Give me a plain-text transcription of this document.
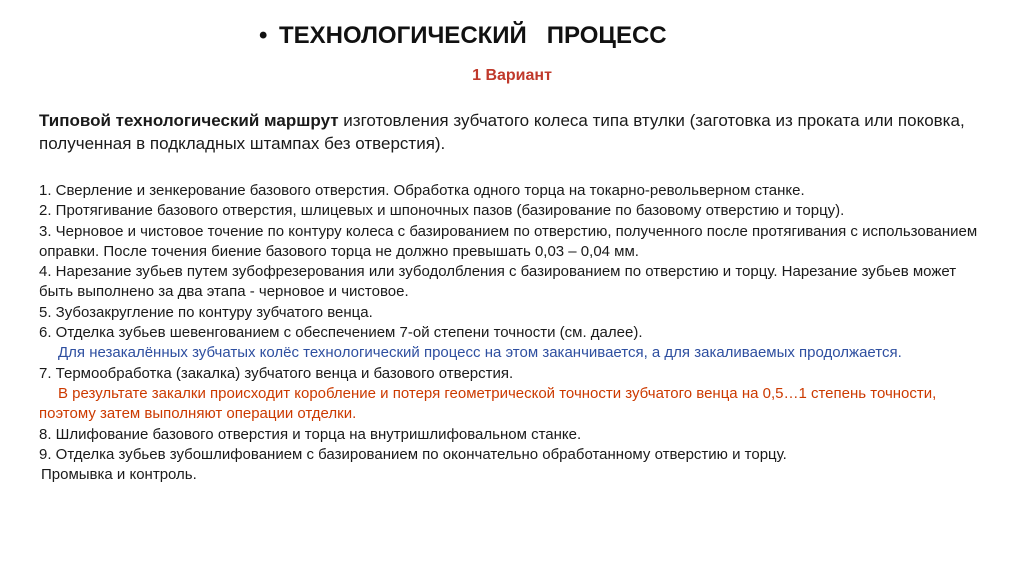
• ТЕХНОЛОГИЧЕСКИЙ   ПРОЦЕСС
1 Вариант
Типовой технологический маршрут изготовления зубчатого колеса типа втулки (заготовка из проката или поковка, полученная в подкладных штампах без отверстия).
1. Сверление и зенкерование базового отверстия. Обработка одного торца на токарно-револьверном станке.
2. Протягивание базового отверстия, шлицевых и шпоночных пазов (базирование по базовому отверстию и торцу).
3. Черновое и чистовое точение по контуру колеса с базированием по отверстию, полученного после протягивания с использованием оправки. После точения биение базового торца не должно превышать 0,03 – 0,04 мм.
4. Нарезание зубьев путем зубофрезерования или зубодолбления с базированием по отверстию и торцу. Нарезание зубьев может быть выполнено за два этапа - черновое и чистовое.
5. Зубозакругление по контуру зубчатого венца.
6. Отделка зубьев шевенгованием с обеспечением 7-ой степени точности (см. далее).
Для незакалённых зубчатых колёс технологический процесс на этом заканчивается, а для закаливаемых продолжается.
7. Термообработка (закалка) зубчатого венца и базового отверстия.
В результате закалки происходит коробление и потеря геометрической точности зубчатого венца на 0,5…1 степень точности, поэтому затем выполняют операции отделки.
8. Шлифование базового отверстия и торца на внутришлифовальном станке.
9. Отделка зубьев зубошлифованием с базированием по окончательно обработанному отверстию и торцу.
Промывка и контроль.
